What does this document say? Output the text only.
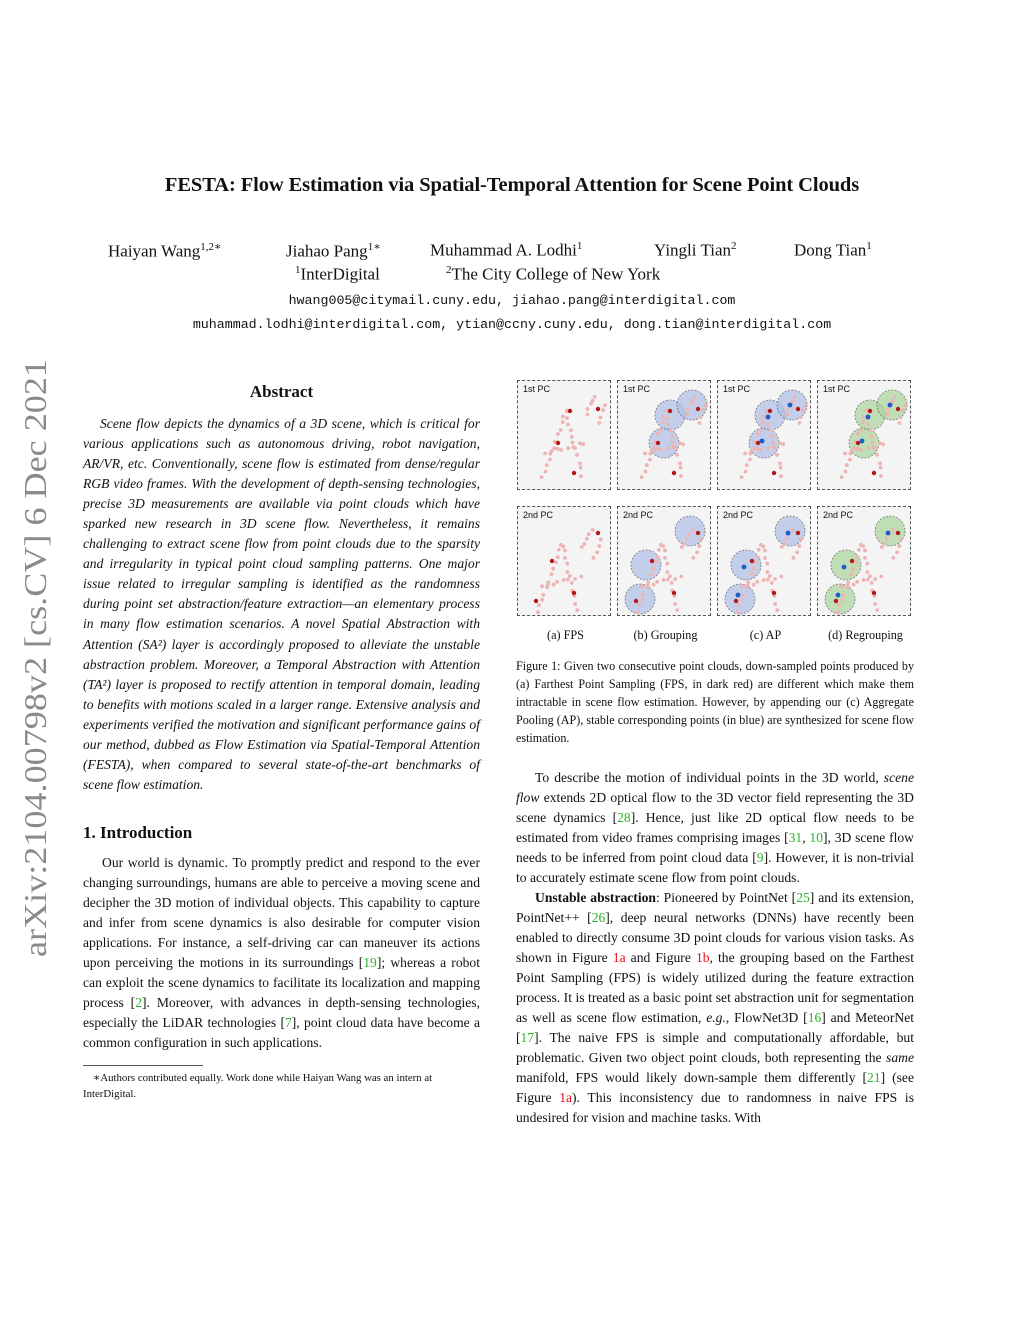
FESTA: Flow Estimation via Spatial-Temporal Attention for Scene Point Clouds
Haiyan Wang$^{1,2∗}$	Jiahao Pang$^{1∗}$	Muhammad A. Lodhi$^1$	Yingli Tian$^2$	Dong Tian$^1$
$^1$InterDigital	$^2$The City College of New York
hwang005@citymail.cuny.edu, jiahao.pang@interdigital.com
muhammad.lodhi@interdigital.com, ytian@ccny.cuny.edu, dong.tian@interdigital.com
arXiv:2104.00798v2 [cs.CV] 6 Dec 2021
Abstract

Scene flow depicts the dynamics of a 3D scene, which is critical for various applications such as autonomous driving, robot navigation, AR/VR, etc. Conventionally, scene flow is estimated from dense/regular RGB video frames. With the development of depth-sensing technologies, precise 3D measurements are available via point clouds which have sparked new research in 3D scene flow. Nevertheless, it remains challenging to extract scene flow from point clouds due to the sparsity and irregularity in typical point cloud sampling patterns. One major issue related to irregular sampling is identified as the randomness during point set abstraction/feature extraction—an elementary process in many flow estimation scenarios. A novel Spatial Abstraction with Attention (SA²) layer is accordingly proposed to alleviate the unstable abstraction problem. Moreover, a Temporal Abstraction with Attention (TA²) layer is proposed to rectify attention in temporal domain, leading to benefits with motions scaled in a larger range. Extensive analysis and experiments verified the motivation and significant performance gains of our method, dubbed as Flow Estimation via Spatial-Temporal Attention (FESTA), when compared to several state-of-the-art benchmarks of scene flow estimation.

1. Introduction

Our world is dynamic. To promptly predict and respond to the ever changing surroundings, humans are able to perceive a moving scene and decipher the 3D motion of individual objects. This capability to capture and infer from scene dynamics is also desirable for computer vision applications. For instance, a self-driving car can maneuver its actions upon perceiving the motions in its surroundings [19]; whereas a robot can exploit the scene dynamics to facilitate its localization and mapping process [2]. Moreover, with advances in depth-sensing technologies, especially the LiDAR technologies [7], point cloud data have become a common configuration in such applications.

∗Authors contributed equally. Work done while Haiyan Wang was an intern at InterDigital.
1st PC	1st PC	1st PC	1st PC
2nd PC	2nd PC	2nd PC	2nd PC
(a) FPS	(b) Grouping	(c) AP	(d) Regrouping
Figure 1: Given two consecutive point clouds, down-sampled points produced by (a) Farthest Point Sampling (FPS, in dark red) are different which make them intractable in scene flow estimation. However, by appending our (c) Aggregate Pooling (AP), stable corresponding points (in blue) are synthesized for scene flow estimation.

To describe the motion of individual points in the 3D world, scene flow extends 2D optical flow to the 3D vector field representing the 3D scene dynamics [28]. Hence, just like 2D optical flow needs to be estimated from video frames comprising images [31, 10], 3D scene flow needs to be inferred from point cloud data [9]. However, it is non-trivial to accurately estimate scene flow from point clouds.

Unstable abstraction: Pioneered by PointNet [25] and its extension, PointNet++ [26], deep neural networks (DNNs) have recently been enabled to directly consume 3D point clouds for various vision tasks. As shown in Figure 1a and Figure 1b, the grouping based on the Farthest Point Sampling (FPS) is widely utilized during the feature extraction process. It is treated as a basic point set abstraction unit for segmentation as well as scene flow estimation, e.g., FlowNet3D [16] and MeteorNet [17]. The naive FPS is simple and computationally affordable, but problematic. Given two object point clouds, both representing the same manifold, FPS would likely down-sample them differently [21] (see Figure 1a). This inconsistency due to randomness in naive FPS is undesired for vision and machine tasks. With
